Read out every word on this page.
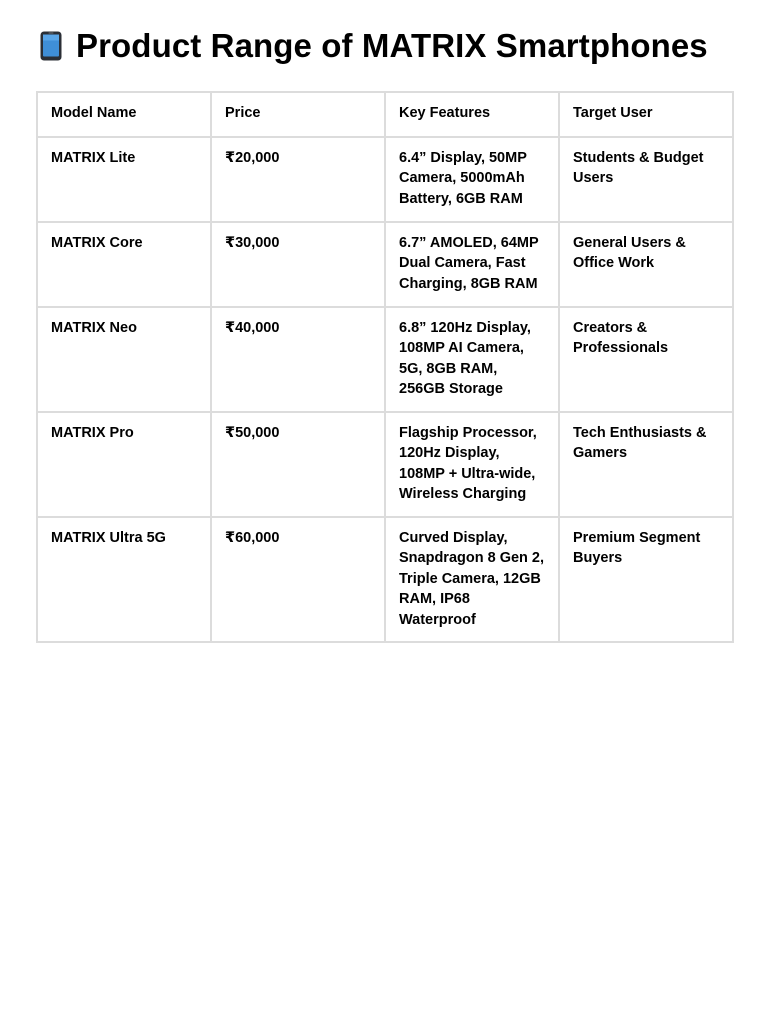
Product Range of MATRIX Smartphones
Model Name	Price	Key Features	Target User
MATRIX Lite	₹20,000	6.4” Display, 50MP Camera, 5000mAh Battery, 6GB RAM	Students & Budget Users
MATRIX Core	₹30,000	6.7” AMOLED, 64MP Dual Camera, Fast Charging, 8GB RAM	General Users & Office Work
MATRIX Neo	₹40,000	6.8” 120Hz Display, 108MP AI Camera, 5G, 8GB RAM, 256GB Storage	Creators & Professionals
MATRIX Pro	₹50,000	Flagship Processor, 120Hz Display, 108MP + Ultra-wide, Wireless Charging	Tech Enthusiasts & Gamers
MATRIX Ultra 5G	₹60,000	Curved Display, Snapdragon 8 Gen 2, Triple Camera, 12GB RAM, IP68 Waterproof	Premium Segment Buyers
